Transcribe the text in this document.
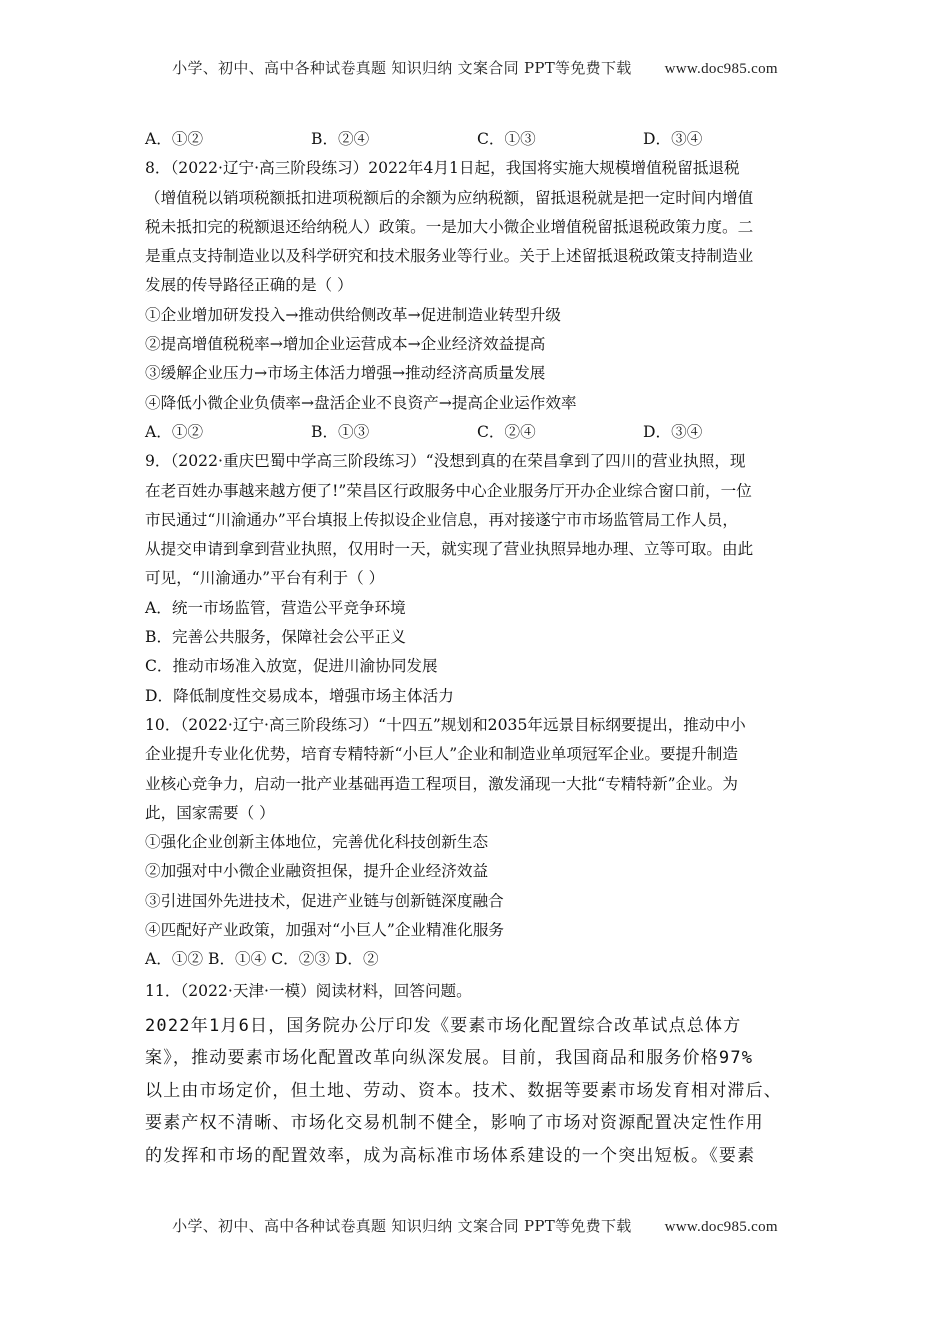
小学、初中、高中各种试卷真题 知识归纳 文案合同 PPT等免费下载 www.doc985.com
A．①②	B．②④	C．①③	D．③④
8．（2022·辽宁·高三阶段练习）2022年4月1日起，我国将实施大规模增值税留抵退税
（增值税以销项税额抵扣进项税额后的余额为应纳税额，留抵退税就是把一定时间内增值
税未抵扣完的税额退还给纳税人）政策。一是加大小微企业增值税留抵退税政策力度。二
是重点支持制造业以及科学研究和技术服务业等行业。关于上述留抵退税政策支持制造业
发展的传导路径正确的是（ ）
①企业增加研发投入→推动供给侧改革→促进制造业转型升级
②提高增值税税率→增加企业运营成本→企业经济效益提高
③缓解企业压力→市场主体活力增强→推动经济高质量发展
④降低小微企业负债率→盘活企业不良资产→提高企业运作效率
A．①②	B．①③	C．②④	D．③④
9．（2022·重庆巴蜀中学高三阶段练习）“没想到真的在荣昌拿到了四川的营业执照，现
在老百姓办事越来越方便了!”荣昌区行政服务中心企业服务厅开办企业综合窗口前，一位
市民通过“川渝通办”平台填报上传拟设企业信息，再对接遂宁市市场监管局工作人员，
从提交申请到拿到营业执照，仅用时一天，就实现了营业执照异地办理、立等可取。由此
可见，“川渝通办”平台有利于（ ）
A．统一市场监管，营造公平竞争环境
B．完善公共服务，保障社会公平正义
C．推动市场准入放宽，促进川渝协同发展
D．降低制度性交易成本，增强市场主体活力
10．（2022·辽宁·高三阶段练习）“十四五”规划和2035年远景目标纲要提出，推动中小
企业提升专业化优势，培育专精特新“小巨人”企业和制造业单项冠军企业。要提升制造
业核心竞争力，启动一批产业基础再造工程项目，激发涌现一大批“专精特新”企业。为
此，国家需要（ ）
①强化企业创新主体地位，完善优化科技创新生态
②加强对中小微企业融资担保，提升企业经济效益
③引进国外先进技术，促进产业链与创新链深度融合
④匹配好产业政策，加强对“小巨人”企业精准化服务
A．①② B．①④ C．②③ D．②
11．（2022·天津·一模）阅读材料，回答问题。
2022年1月6日，国务院办公厅印发《要素市场化配置综合改革试点总体方
案》，推动要素市场化配置改革向纵深发展。目前，我国商品和服务价格97%
以上由市场定价，但土地、劳动、资本。技术、数据等要素市场发育相对滞后、
要素产权不清晰、市场化交易机制不健全，影响了市场对资源配置决定性作用
的发挥和市场的配置效率，成为高标准市场体系建设的一个突出短板。《要素
小学、初中、高中各种试卷真题 知识归纳 文案合同 PPT等免费下载 www.doc985.com
